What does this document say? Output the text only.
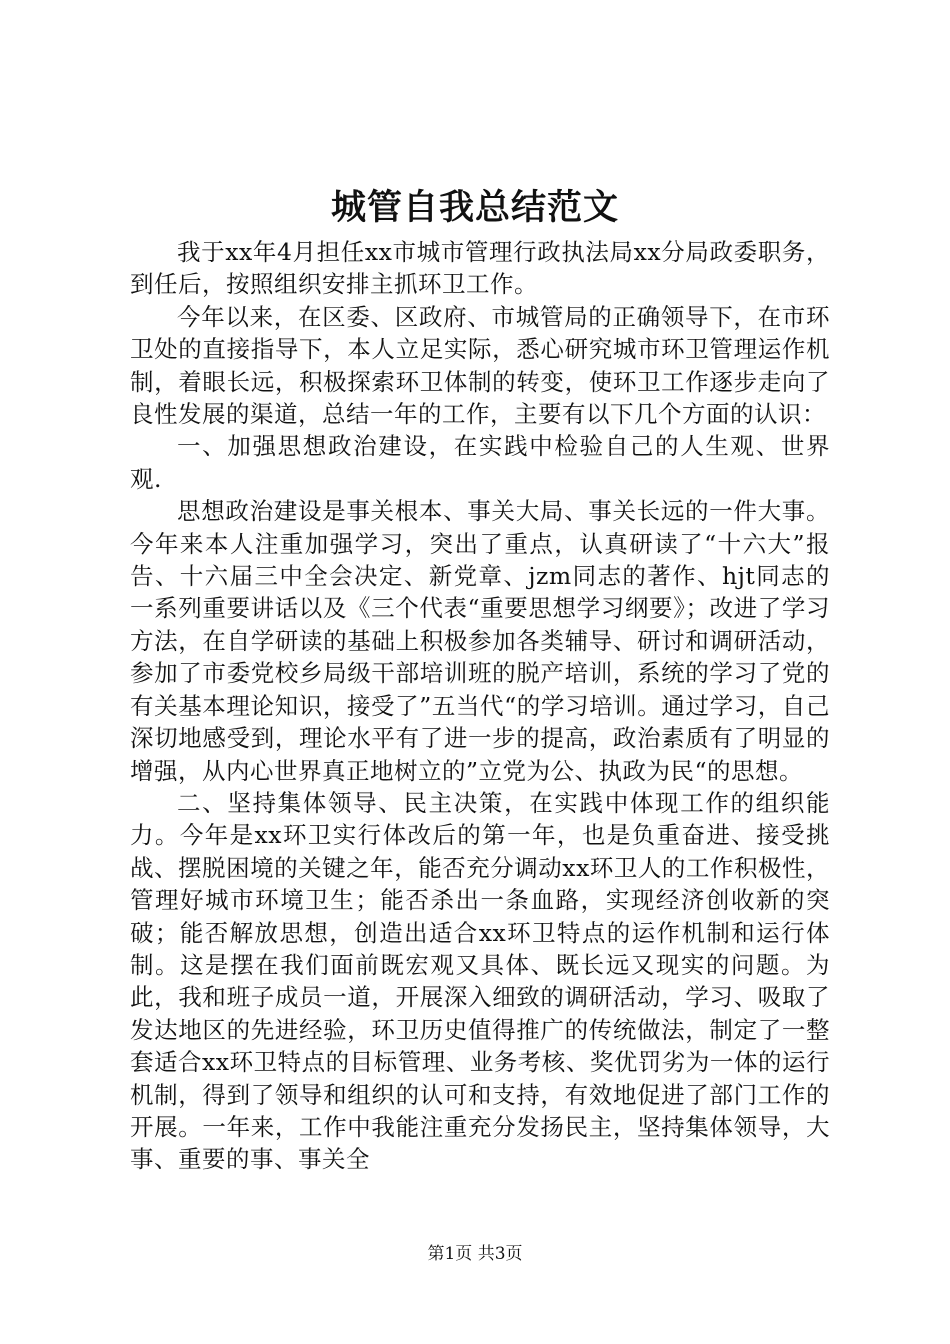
城管自我总结范文

我于xx年4月担任xx市城市管理行政执法局xx分局政委职务，到任后，按照组织安排主抓环卫工作。

今年以来，在区委、区政府、市城管局的正确领导下，在市环卫处的直接指导下，本人立足实际，悉心研究城市环卫管理运作机制，着眼长远，积极探索环卫体制的转变，使环卫工作逐步走向了良性发展的渠道，总结一年的工作，主要有以下几个方面的认识：

一、加强思想政治建设，在实践中检验自己的人生观、世界观.

思想政治建设是事关根本、事关大局、事关长远的一件大事。今年来本人注重加强学习，突出了重点，认真研读了“十六大”报告、十六届三中全会决定、新党章、jzm同志的著作、hjt同志的一系列重要讲话以及《三个代表“重要思想学习纲要》；改进了学习方法，在自学研读的基础上积极参加各类辅导、研讨和调研活动，参加了市委党校乡局级干部培训班的脱产培训，系统的学习了党的有关基本理论知识，接受了”五当代“的学习培训。通过学习，自己深切地感受到，理论水平有了进一步的提高，政治素质有了明显的增强，从内心世界真正地树立的”立党为公、执政为民“的思想。

二、坚持集体领导、民主决策，在实践中体现工作的组织能力。今年是xx环卫实行体改后的第一年，也是负重奋进、接受挑战、摆脱困境的关键之年，能否充分调动xx环卫人的工作积极性，管理好城市环境卫生；能否杀出一条血路，实现经济创收新的突破；能否解放思想，创造出适合xx环卫特点的运作机制和运行体制。这是摆在我们面前既宏观又具体、既长远又现实的问题。为此，我和班子成员一道，开展深入细致的调研活动，学习、吸取了发达地区的先进经验，环卫历史值得推广的传统做法，制定了一整套适合xx环卫特点的目标管理、业务考核、奖优罚劣为一体的运行机制，得到了领导和组织的认可和支持，有效地促进了部门工作的开展。一年来，工作中我能注重充分发扬民主，坚持集体领导，大事、重要的事、事关全

第1页 共3页
